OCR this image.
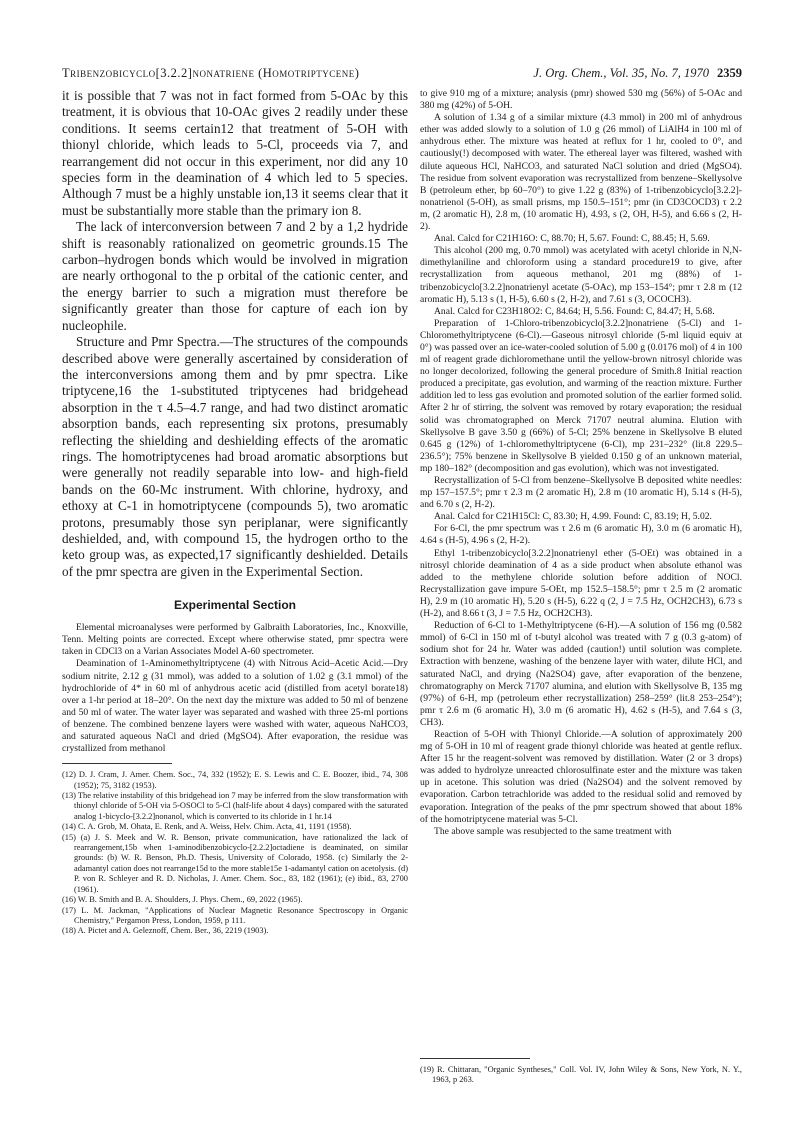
Tribenzobicyclo[3.2.2]nonatriene (Homotriptycene)	J. Org. Chem., Vol. 35, No. 7, 1970 2359

it is possible that 7 was not in fact formed from 5-OAc by this treatment, it is obvious that 10-OAc gives 2 readily under these conditions. It seems certain12 that treatment of 5-OH with thionyl chloride, which leads to 5-Cl, proceeds via 7, and rearrangement did not occur in this experiment, nor did any 10 species form in the deamination of 4 which led to 5 species. Although 7 must be a highly unstable ion,13 it seems clear that it must be substantially more stable than the primary ion 8.

The lack of interconversion between 7 and 2 by a 1,2 hydride shift is reasonably rationalized on geometric grounds.15 The carbon–hydrogen bonds which would be involved in migration are nearly orthogonal to the p orbital of the cationic center, and the energy barrier to such a migration must therefore be significantly greater than those for capture of each ion by nucleophile.

Structure and Pmr Spectra.—The structures of the compounds described above were generally ascertained by consideration of the interconversions among them and by pmr spectra. Like triptycene,16 the 1-substituted triptycenes had bridgehead absorption in the τ 4.5–4.7 range, and had two distinct aromatic absorption bands, each representing six protons, presumably reflecting the shielding and deshielding effects of the aromatic rings. The homotriptycenes had broad aromatic absorptions but were generally not readily separable into low- and high-field bands on the 60-Mc instrument. With chlorine, hydroxy, and ethoxy at C-1 in homotriptycene (compounds 5), two aromatic protons, presumably those syn periplanar, were significantly deshielded, and, with compound 15, the hydrogen ortho to the keto group was, as expected,17 significantly deshielded. Details of the pmr spectra are given in the Experimental Section.

Experimental Section

Elemental microanalyses were performed by Galbraith Laboratories, Inc., Knoxville, Tenn. Melting points are corrected. Except where otherwise stated, pmr spectra were taken in CDCl3 on a Varian Associates Model A-60 spectrometer.

Deamination of 1-Aminomethyltriptycene (4) with Nitrous Acid–Acetic Acid.—Dry sodium nitrite, 2.12 g (31 mmol), was added to a solution of 1.02 g (3.1 mmol) of the hydrochloride of 4* in 60 ml of anhydrous acetic acid (distilled from acetyl borate18) over a 1-hr period at 18–20°. On the next day the mixture was added to 50 ml of benzene and 50 ml of water. The water layer was separated and washed with three 25-ml portions of benzene. The combined benzene layers were washed with water, aqueous NaHCO3, and saturated aqueous NaCl and dried (MgSO4). After evaporation, the residue was crystallized from methanol

(12) D. J. Cram, J. Amer. Chem. Soc., 74, 332 (1952); E. S. Lewis and C. E. Boozer, ibid., 74, 308 (1952); 75, 3182 (1953).

(13) The relative instability of this bridgehead ion 7 may be inferred from the slow transformation with thionyl chloride of 5-OH via 5-OSOCl to 5-Cl (half-life about 4 days) compared with the saturated analog 1-bicyclo-[3.2.2]nonanol, which is converted to its chloride in 1 hr.14

(14) C. A. Grob, M. Ohata, E. Renk, and A. Weiss, Helv. Chim. Acta, 41, 1191 (1958).

(15) (a) J. S. Meek and W. R. Benson, private communication, have rationalized the lack of rearrangement,15b when 1-aminodibenzobicyclo-[2.2.2]octadiene is deaminated, on similar grounds: (b) W. R. Benson, Ph.D. Thesis, University of Colorado, 1958. (c) Similarly the 2-adamantyl cation does not rearrange15d to the more stable15e 1-adamantyl cation on acetolysis. (d) P. von R. Schleyer and R. D. Nicholas, J. Amer. Chem. Soc., 83, 182 (1961); (e) ibid., 83, 2700 (1961).

(16) W. B. Smith and B. A. Shoulders, J. Phys. Chem., 69, 2022 (1965).

(17) L. M. Jackman, "Applications of Nuclear Magnetic Resonance Spectroscopy in Organic Chemistry," Pergamon Press, London, 1959, p 111.

(18) A. Pictet and A. Geleznoff, Chem. Ber., 36, 2219 (1903).

to give 910 mg of a mixture; analysis (pmr) showed 530 mg (56%) of 5-OAc and 380 mg (42%) of 5-OH.

A solution of 1.34 g of a similar mixture (4.3 mmol) in 200 ml of anhydrous ether was added slowly to a solution of 1.0 g (26 mmol) of LiAlH4 in 100 ml of anhydrous ether. The mixture was heated at reflux for 1 hr, cooled to 0°, and cautiously(!) decomposed with water. The ethereal layer was filtered, washed with dilute aqueous HCl, NaHCO3, and saturated NaCl solution and dried (MgSO4). The residue from solvent evaporation was recrystallized from benzene–Skellysolve B (petroleum ether, bp 60–70°) to give 1.22 g (83%) of 1-tribenzobicyclo[3.2.2]-nonatrienol (5-OH), as small prisms, mp 150.5–151°; pmr (in CD3COCD3) τ 2.2 m, (2 aromatic H), 2.8 m, (10 aromatic H), 4.93, s (2, OH, H-5), and 6.66 s (2, H-2).

Anal. Calcd for C21H16O: C, 88.70; H, 5.67. Found: C, 88.45; H, 5.69.

This alcohol (200 mg, 0.70 mmol) was acetylated with acetyl chloride in N,N-dimethylaniline and chloroform using a standard procedure19 to give, after recrystallization from aqueous methanol, 201 mg (88%) of 1-tribenzobicyclo[3.2.2]nonatrienyl acetate (5-OAc), mp 153–154°; pmr τ 2.8 m (12 aromatic H), 5.13 s (1, H-5), 6.60 s (2, H-2), and 7.61 s (3, OCOCH3).

Anal. Calcd for C23H18O2: C, 84.64; H, 5.56. Found: C, 84.47; H, 5.68.

Preparation of 1-Chloro-tribenzobicyclo[3.2.2]nonatriene (5-Cl) and 1-Chloromethyltriptycene (6-Cl).—Gaseous nitrosyl chloride (5-ml liquid equiv at 0°) was passed over an ice-water-cooled solution of 5.00 g (0.0176 mol) of 4 in 100 ml of reagent grade dichloromethane until the yellow-brown nitrosyl chloride was no longer decolorized, following the general procedure of Smith.8 Initial reaction produced a precipitate, gas evolution, and warming of the reaction mixture. Further addition led to less gas evolution and promoted solution of the earlier formed solid. After 2 hr of stirring, the solvent was removed by rotary evaporation; the residual solid was chromatographed on Merck 71707 neutral alumina. Elution with Skellysolve B gave 3.50 g (66%) of 5-Cl; 25% benzene in Skellysolve B eluted 0.645 g (12%) of 1-chloromethyltriptycene (6-Cl), mp 231–232° (lit.8 229.5–236.5°); 75% benzene in Skellysolve B yielded 0.150 g of an unknown material, mp 180–182° (decomposition and gas evolution), which was not investigated.

Recrystallization of 5-Cl from benzene–Skellysolve B deposited white needles: mp 157–157.5°; pmr τ 2.3 m (2 aromatic H), 2.8 m (10 aromatic H), 5.14 s (H-5), and 6.70 s (2, H-2).

Anal. Calcd for C21H15Cl: C, 83.30; H, 4.99. Found: C, 83.19; H, 5.02.

For 6-Cl, the pmr spectrum was τ 2.6 m (6 aromatic H), 3.0 m (6 aromatic H), 4.64 s (H-5), 4.96 s (2, H-2).

Ethyl 1-tribenzobicyclo[3.2.2]nonatrienyl ether (5-OEt) was obtained in a nitrosyl chloride deamination of 4 as a side product when absolute ethanol was added to the methylene chloride solution before addition of NOCl. Recrystallization gave impure 5-OEt, mp 152.5–158.5°; pmr τ 2.5 m (2 aromatic H), 2.9 m (10 aromatic H), 5.20 s (H-5), 6.22 q (2, J = 7.5 Hz, OCH2CH3), 6.73 s (H-2), and 8.66 t (3, J = 7.5 Hz, OCH2CH3).

Reduction of 6-Cl to 1-Methyltriptycene (6-H).—A solution of 156 mg (0.582 mmol) of 6-Cl in 150 ml of t-butyl alcohol was treated with 7 g (0.3 g-atom) of sodium shot for 24 hr. Water was added (caution!) until solution was complete. Extraction with benzene, washing of the benzene layer with water, dilute HCl, and saturated NaCl, and drying (Na2SO4) gave, after evaporation of the benzene, chromatography on Merck 71707 alumina, and elution with Skellysolve B, 135 mg (97%) of 6-H, mp (petroleum ether recrystallization) 258–259° (lit.8 253–254°); pmr τ 2.6 m (6 aromatic H), 3.0 m (6 aromatic H), 4.62 s (H-5), and 7.64 s (3, CH3).

Reaction of 5-OH with Thionyl Chloride.—A solution of approximately 200 mg of 5-OH in 10 ml of reagent grade thionyl chloride was heated at gentle reflux. After 15 hr the reagent-solvent was removed by distillation. Water (2 or 3 drops) was added to hydrolyze unreacted chlorosulfinate ester and the mixture was taken up in acetone. This solution was dried (Na2SO4) and the solvent removed by evaporation. Carbon tetrachloride was added to the residual solid and removed by evaporation. Integration of the peaks of the pmr spectrum showed that about 18% of the homotriptycene material was 5-Cl.

The above sample was resubjected to the same treatment with

(19) R. Chittaran, "Organic Syntheses," Coll. Vol. IV, John Wiley & Sons, New York, N. Y., 1963, p 263.
